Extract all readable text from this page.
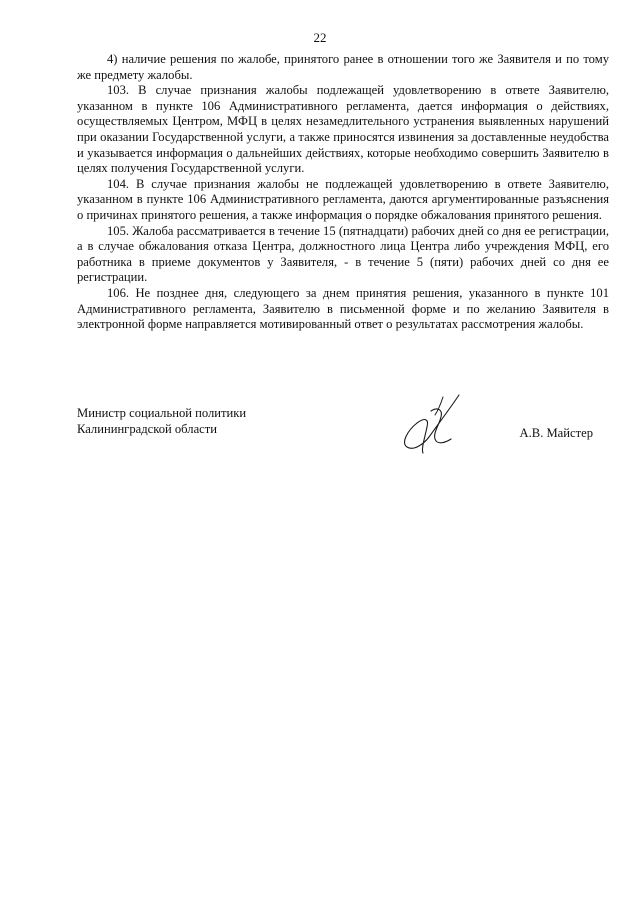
22

4) наличие решения по жалобе, принятого ранее в отношении того же Заявителя и по тому же предмету жалобы.

103. В случае признания жалобы подлежащей удовлетворению в ответе Заявителю, указанном в пункте 106 Административного регламента, дается информация о действиях, осуществляемых Центром, МФЦ в целях незамедлительного устранения выявленных нарушений при оказании Государственной услуги, а также приносятся извинения за доставленные неудобства и указывается информация о дальнейших действиях, которые необходимо совершить Заявителю в целях получения Государственной услуги.

104. В случае признания жалобы не подлежащей удовлетворению в ответе Заявителю, указанном в пункте 106 Административного регламента, даются аргументированные разъяснения о причинах принятого решения, а также информация о порядке обжалования принятого решения.

105. Жалоба рассматривается в течение 15 (пятнадцати) рабочих дней со дня ее регистрации, а в случае обжалования отказа Центра, должностного лица Центра либо учреждения МФЦ, его работника в приеме документов у Заявителя, - в течение 5 (пяти) рабочих дней со дня ее регистрации.

106. Не позднее дня, следующего за днем принятия решения, указанного в пункте 101 Административного регламента, Заявителю в письменной форме и по желанию Заявителя в электронной форме направляется мотивированный ответ о результатах рассмотрения жалобы.

Министр социальной политики
Калининградской области	А.В. Майстер
